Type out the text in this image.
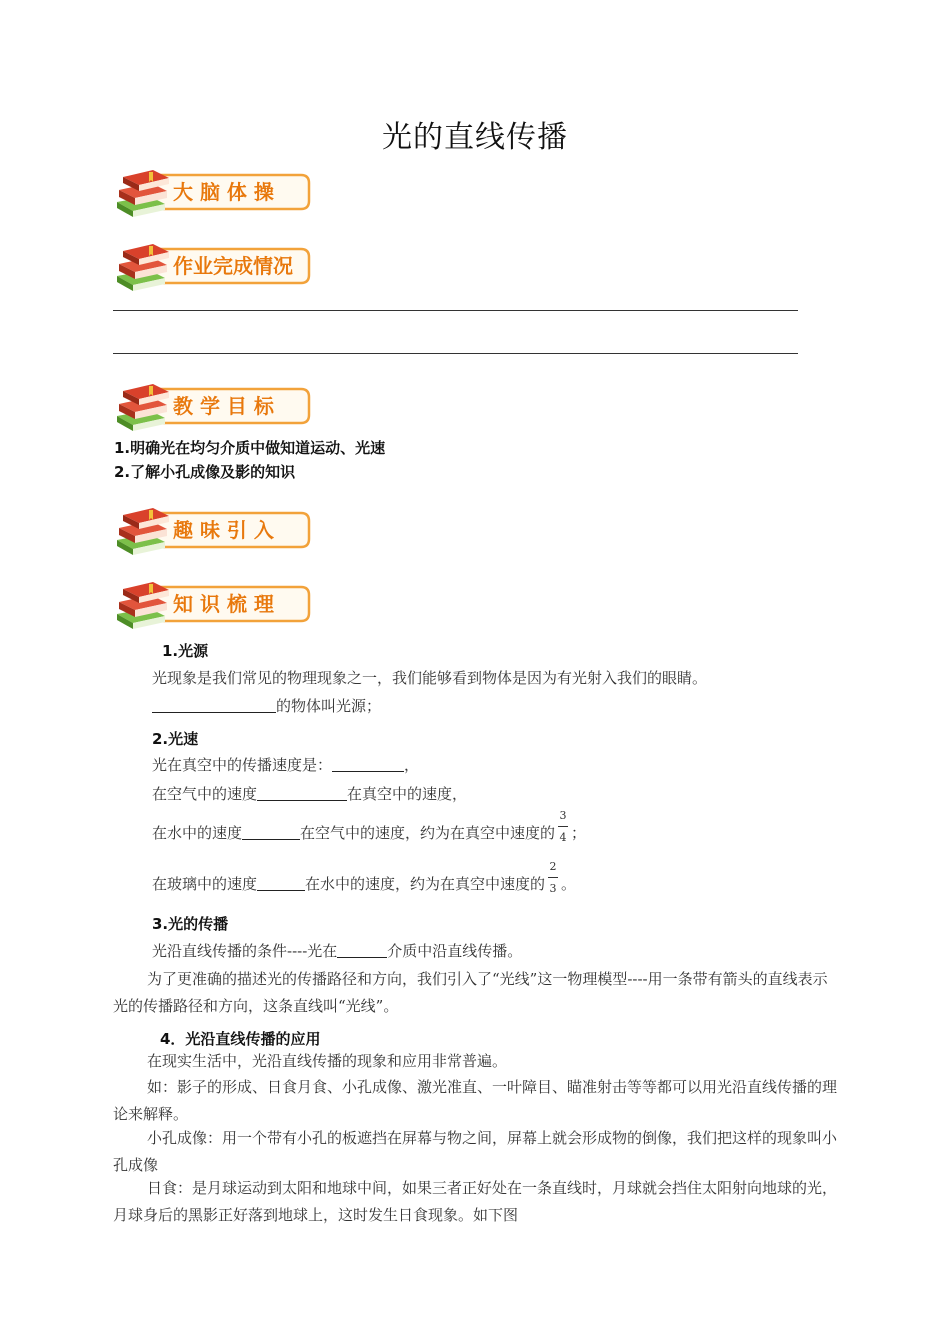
光的直线传播
大 脑 体 操
作业完成情况
教 学 目 标
1.明确光在均匀介质中做知道运动、光速
2.了解小孔成像及影的知识
趣 味 引 入
知 识 梳 理
1.光源
光现象是我们常见的物理现象之一，我们能够看到物体是因为有光射入我们的眼睛。
的物体叫光源；
2.光速
光在真空中的传播速度是：	，
在空气中的速度	在真空中的速度，
在水中的速度	在空气中的速度，约为在真空中速度的 $\frac{3}{4}$ ；
在玻璃中的速度	在水中的速度，约为在真空中速度的 $\frac{2}{3}$ 。
3.光的传播
光沿直线传播的条件----光在	介质中沿直线传播。
为了更准确的描述光的传播路径和方向，我们引入了“光线”这一物理模型----用一条带有箭头的直线表示光的传播路径和方向，这条直线叫“光线”。
4．光沿直线传播的应用
在现实生活中，光沿直线传播的现象和应用非常普遍。
如：影子的形成、日食月食、小孔成像、激光准直、一叶障目、瞄准射击等等都可以用光沿直线传播的理论来解释。
小孔成像：用一个带有小孔的板遮挡在屏幕与物之间，屏幕上就会形成物的倒像，我们把这样的现象叫小孔成像
日食：是月球运动到太阳和地球中间，如果三者正好处在一条直线时，月球就会挡住太阳射向地球的光，月球身后的黑影正好落到地球上，这时发生日食现象。如下图
